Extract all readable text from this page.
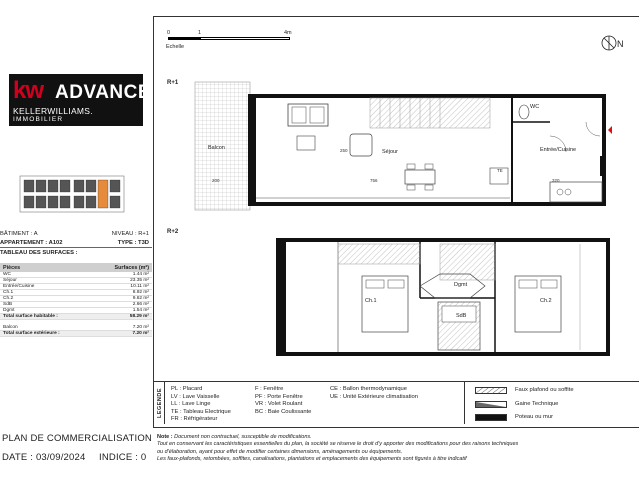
kw ADVANCE
KELLERWILLIAMS.
IMMOBILIER
BÂTIMENT : A	NIVEAU : R+1
APPARTEMENT : A102	TYPE : T3D
TABLEAU DES SURFACES :
Pièces	Surfaces (m²)
WC	1.44 m²
Séjour	23.35 m²
Entrée/Cuisine	10.11 m²
Ch.1	8.92 m²
Ch.2	9.62 m²
SdB	2.66 m²
Dgmt	1.54 m²
Total surface habitable :	58.29 m²
Balcon	7.20 m²
Total surface extérieure :	7.20 m²
PLAN DE COMMERCIALISATION
DATE : 03/09/2024 INDICE : 0
0	1	4m
Echelle	N
R+1
R+2
Balcon
Séjour
WC
Entrée/Cuisine
200	756	320
250
TE
Ch.1	Ch.2
Dgmt
SdB
LEGENDE PL : Placard
LV : Lave Vaisselle
LL : Lave Linge
TE : Tableau Electrique
FR : Réfrigérateur
F : Fenêtre
PF : Porte Fenêtre
VR : Volet Roulant
BC : Baie Coulissante
CE : Ballon thermodynamique
UE : Unité Extérieure climatisation
Faux plafond ou soffite
Gaine Technique
Poteau ou mur
Note : Document non contractuel, susceptible de modifications.
Tout en conservant les caractéristiques essentielles du plan, la société se réserve le droit d'y apporter des modifications pour des raisons techniques
ou d'élaboration, ayant pour effet de modifier certaines dimensions, aménagements ou équipements.
Les faux-plafonds, retombées, soffites, canalisations, plantations et emplacements des équipements sont figurés à titre indicatif
